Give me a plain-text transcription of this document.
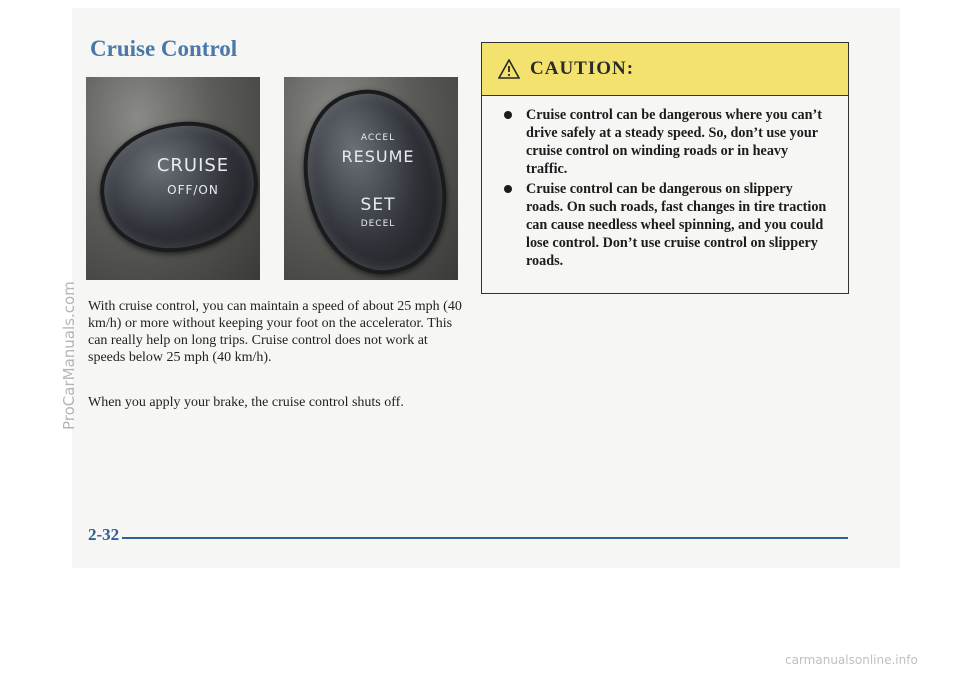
Cruise Control
CRUISE
OFF/ON
ACCEL
RESUME
SET
DECEL

With cruise control, you can maintain a speed of about 25 mph (40 km/h) or more without keeping your foot on the accelerator. This can really help on long trips. Cruise control does not work at speeds below 25 mph (40 km/h).

When you apply your brake, the cruise control shuts off.

CAUTION:
Cruise control can be dangerous where you can’t drive safely at a steady speed. So, don’t use your cruise control on winding roads or in heavy traffic.
Cruise control can be dangerous on slippery roads. On such roads, fast changes in tire traction can cause needless wheel spinning, and you could lose control. Don’t use cruise control on slippery roads.
2-32
ProCarManuals.com
carmanualsonline.info
